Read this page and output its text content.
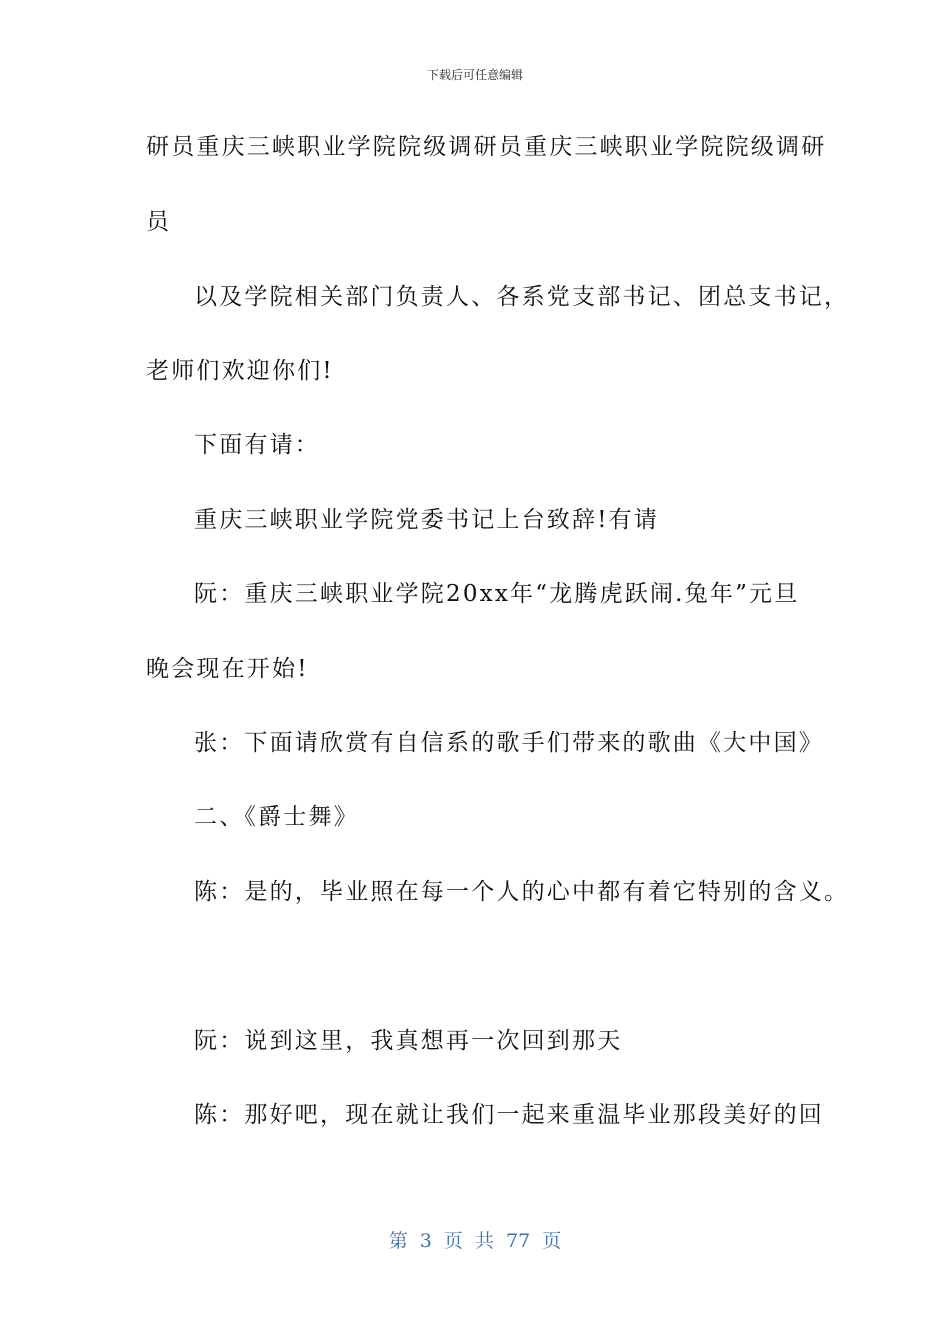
下载后可任意编辑
研员重庆三峡职业学院院级调研员重庆三峡职业学院院级调研
员
以及学院相关部门负责人、各系党支部书记、团总支书记，
老师们欢迎你们!
下面有请：
重庆三峡职业学院党委书记上台致辞!有请
阮：重庆三峡职业学院20xx年“龙腾虎跃闹.兔年”元旦
晚会现在开始!
张：下面请欣赏有自信系的歌手们带来的歌曲《大中国》
二、《爵士舞》
陈：是的，毕业照在每一个人的心中都有着它特别的含义。
阮：说到这里，我真想再一次回到那天
陈：那好吧，现在就让我们一起来重温毕业那段美好的回
第 3 页 共 77 页
